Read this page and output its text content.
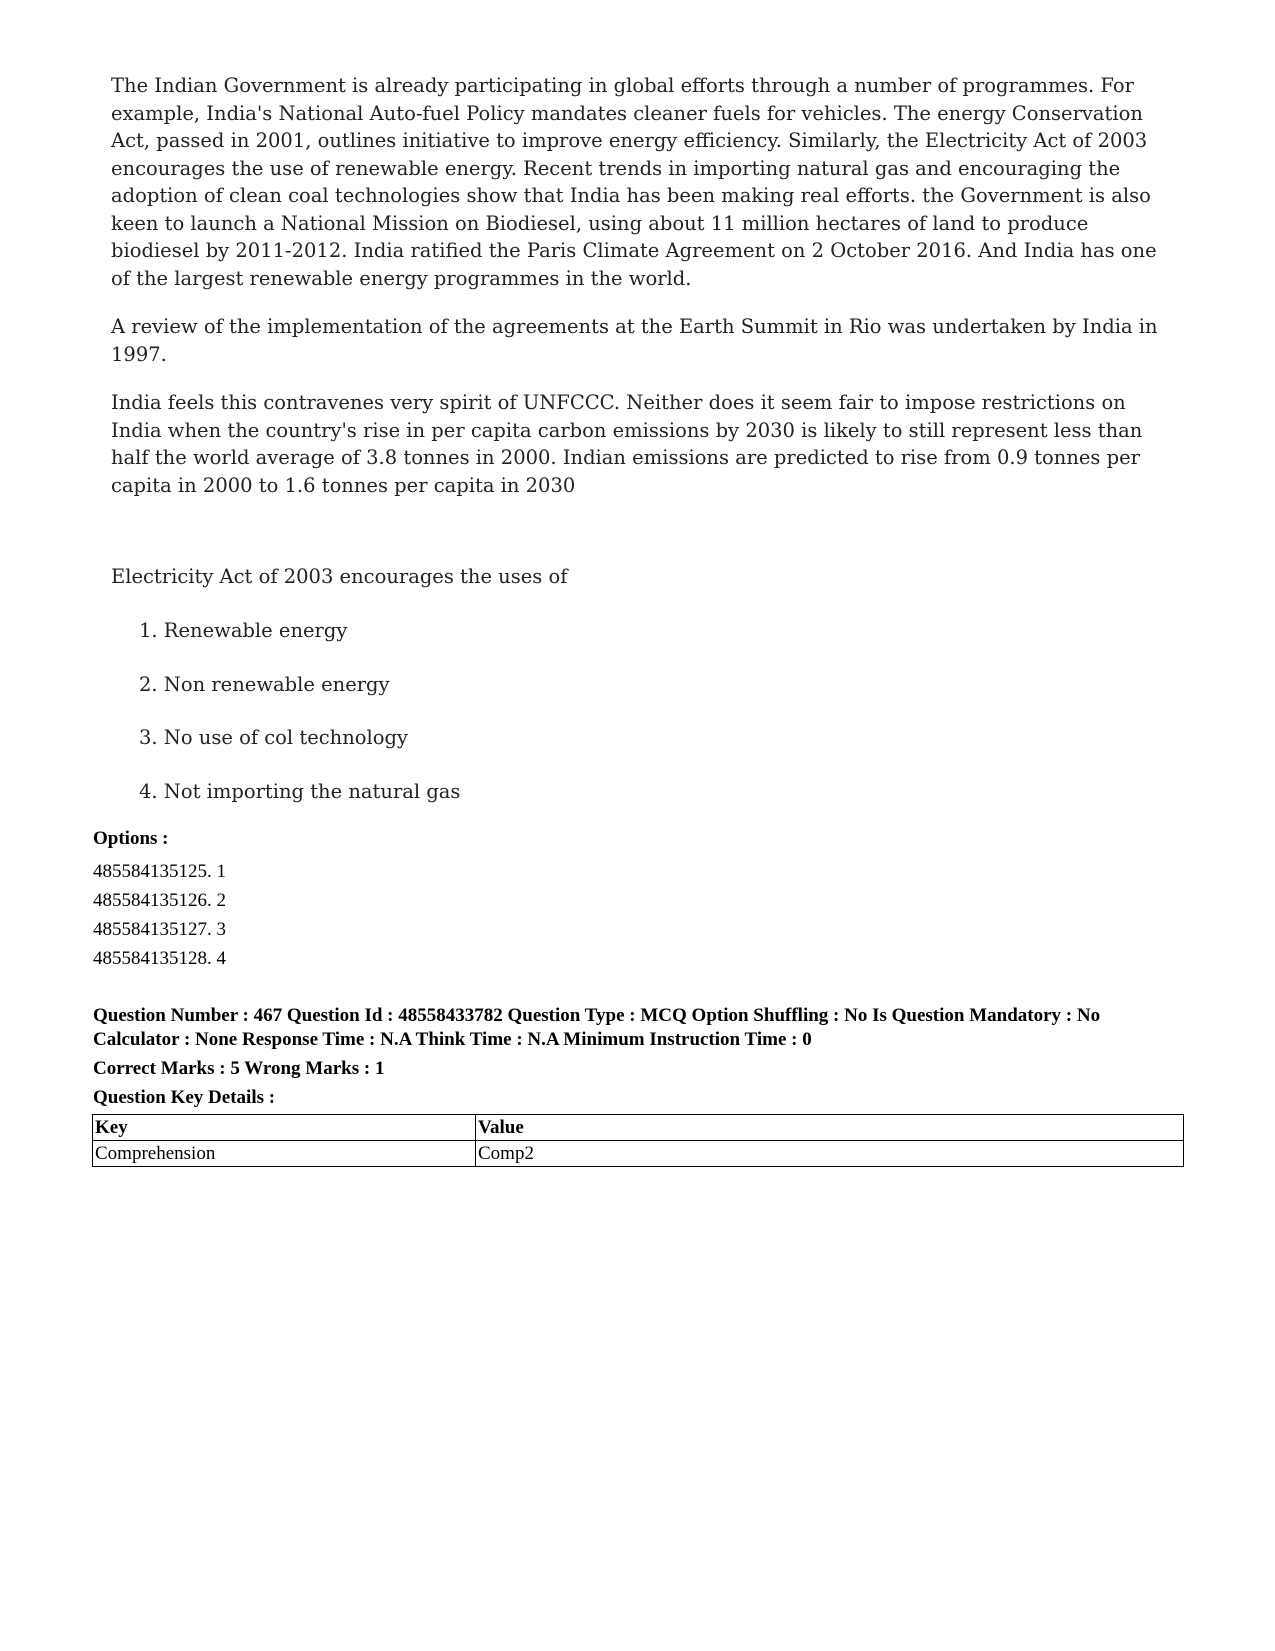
The Indian Government is already participating in global efforts through a number of programmes. For example, India's National Auto-fuel Policy mandates cleaner fuels for vehicles. The energy Conservation Act, passed in 2001, outlines initiative to improve energy efficiency. Similarly, the Electricity Act of 2003 encourages the use of renewable energy. Recent trends in importing natural gas and encouraging the adoption of clean coal technologies show that India has been making real efforts. the Government is also keen to launch a National Mission on Biodiesel, using about 11 million hectares of land to produce biodiesel by 2011-2012. India ratified the Paris Climate Agreement on 2 October 2016. And India has one of the largest renewable energy programmes in the world.

A review of the implementation of the agreements at the Earth Summit in Rio was undertaken by India in 1997.

India feels this contravenes very spirit of UNFCCC. Neither does it seem fair to impose restrictions on India when the country's rise in per capita carbon emissions by 2030 is likely to still represent less than half the world average of 3.8 tonnes in 2000. Indian emissions are predicted to rise from 0.9 tonnes per capita in 2000 to 1.6 tonnes per capita in 2030

Electricity Act of 2003 encourages the uses of
1. Renewable energy
2. Non renewable energy
3. No use of col technology
4. Not importing the natural gas
Options :
485584135125. 1
485584135126. 2
485584135127. 3
485584135128. 4
Question Number : 467 Question Id : 48558433782 Question Type : MCQ Option Shuffling : No Is Question Mandatory : No Calculator : None Response Time : N.A Think Time : N.A Minimum Instruction Time : 0
Correct Marks : 5 Wrong Marks : 1
Question Key Details :
Key	Value
Comprehension	Comp2
